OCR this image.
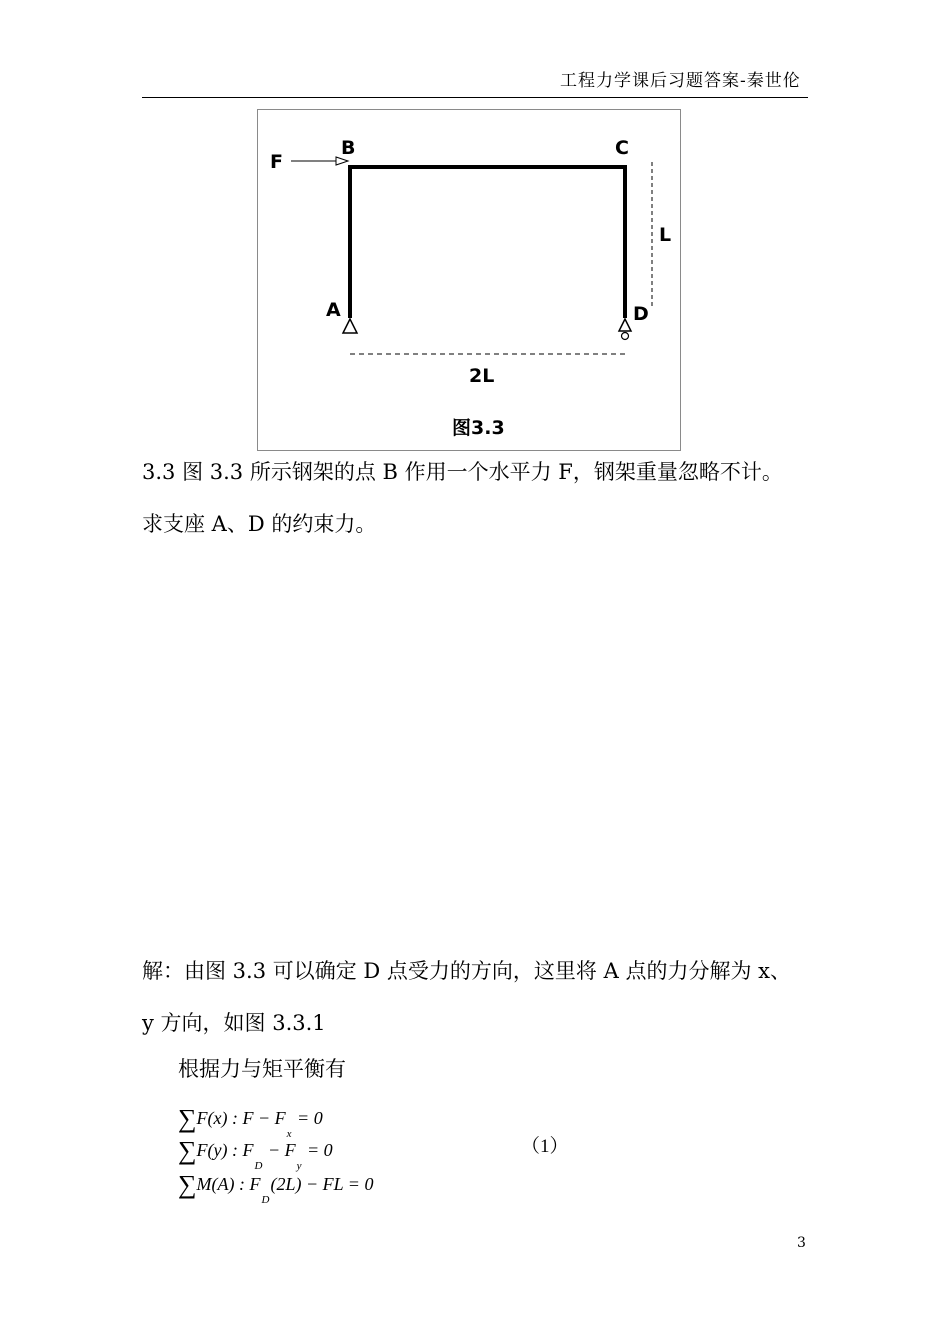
工程力学课后习题答案-秦世伦
B	C
A	D
F
L
2L
图3.3

3.3 图 3.3 所示钢架的点 B 作用一个水平力 F，钢架重量忽略不计。

求支座 A、D 的约束力。

解：由图 3.3 可以确定 D 点受力的方向，这里将 A 点的力分解为 x、

y 方向，如图 3.3.1

根据力与矩平衡有
∑F(x) : $F - F_x = 0$
∑F(y) : $F_D - F_y = 0$
∑M(A) : $F_D(2L)$ − FL = 0
（1）
3
